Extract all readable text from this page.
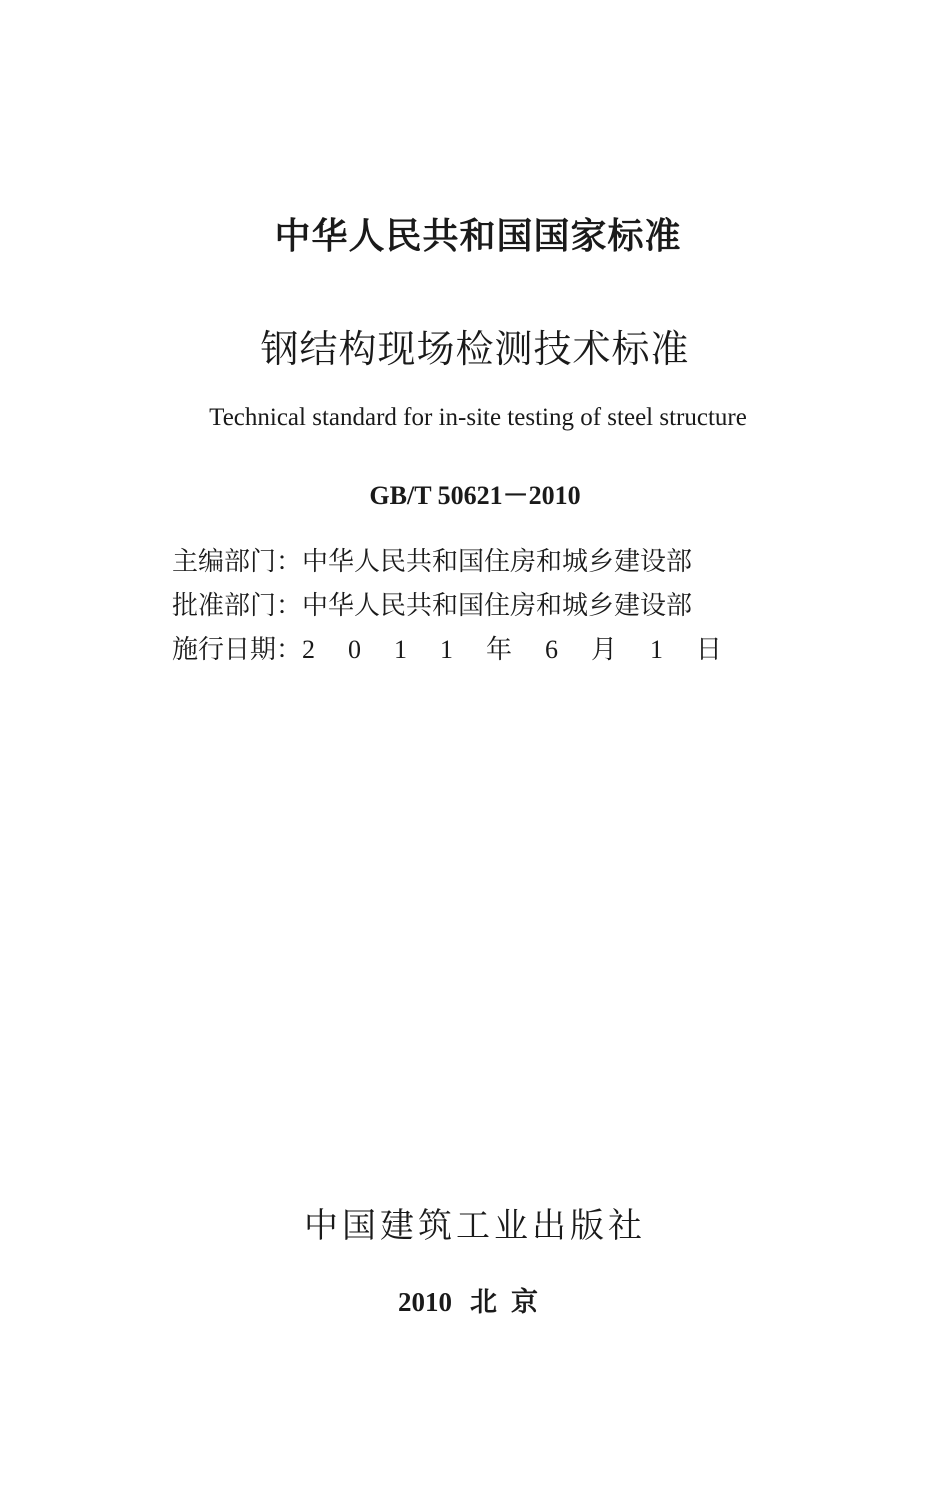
中华人民共和国国家标准
钢结构现场检测技术标准
Technical standard for in-site testing of steel structure
GB/T 50621－2010
主编部门： 中华人民共和国住房和城乡建设部
批准部门： 中华人民共和国住房和城乡建设部
施行日期： 2 0 1 1 年 6 月 1 日
中国建筑工业出版社
2010 北京
